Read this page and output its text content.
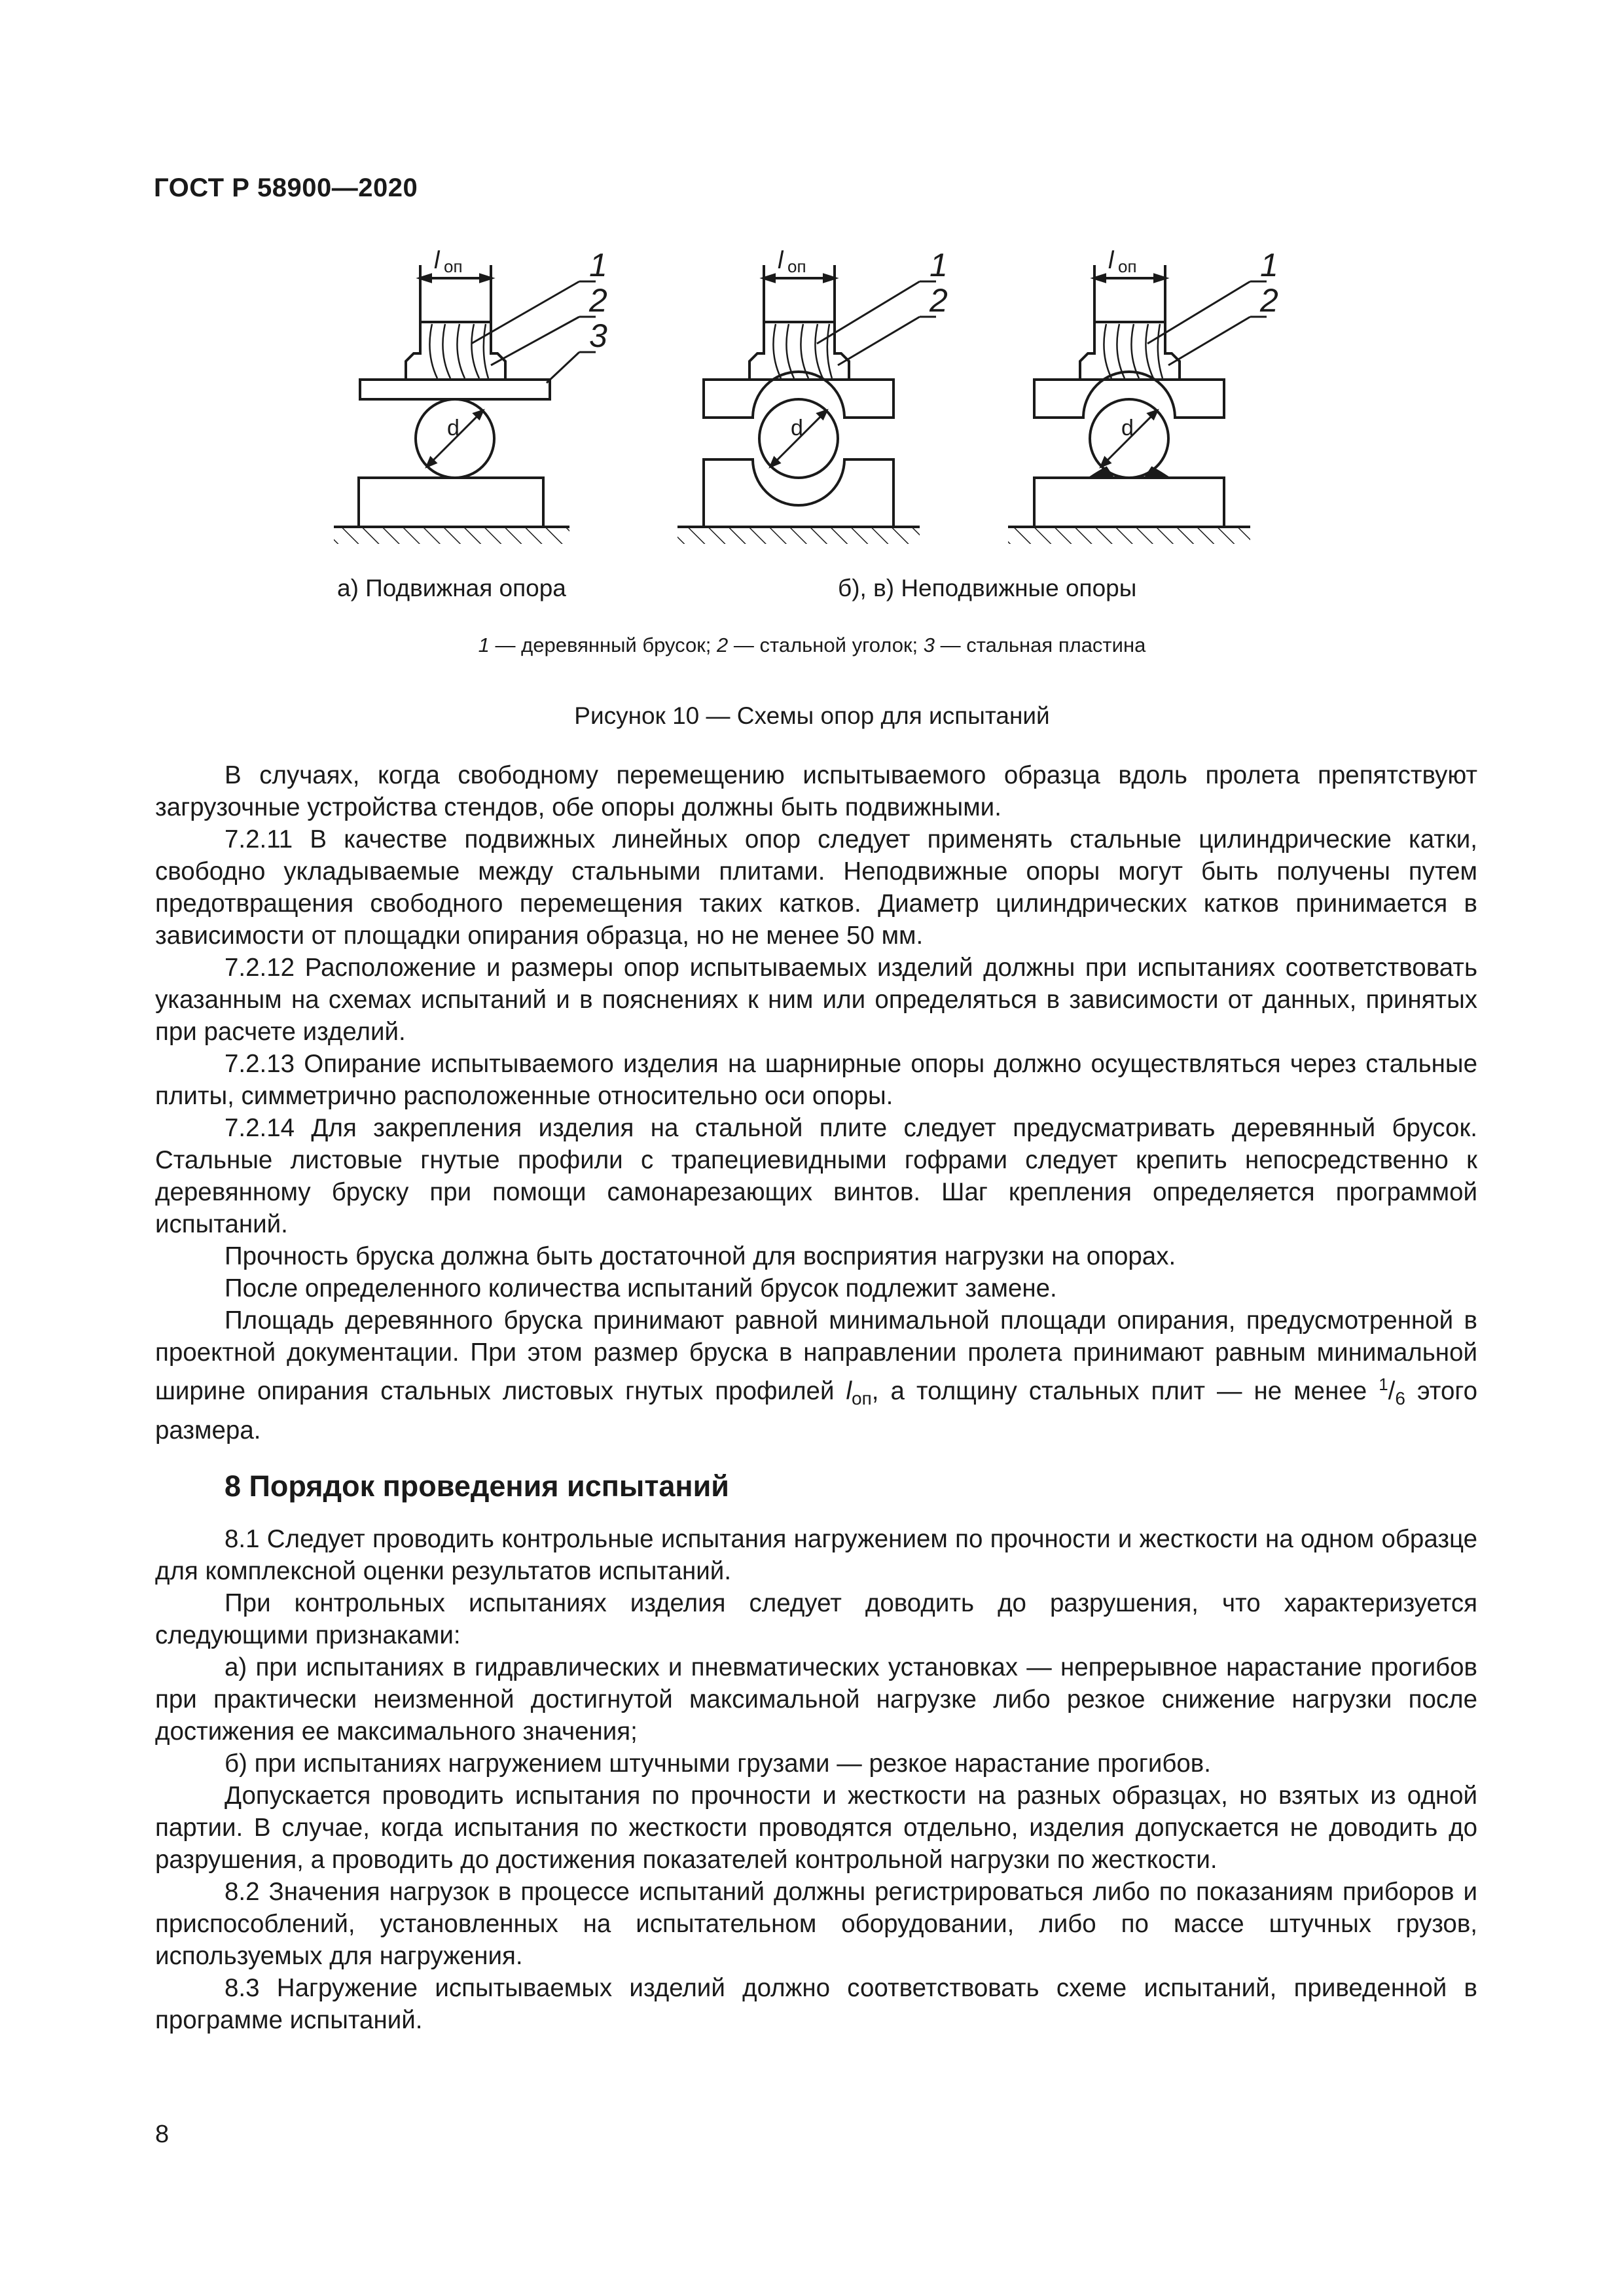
ГОСТ Р 58900—2020
l оп
d
1
2
3
l оп
d
1
2
l оп
d
1
2
а) Подвижная опора	б), в) Неподвижные опоры
1 — деревянный брусок; 2 — стальной уголок; 3 — стальная пластина
Рисунок 10 — Схемы опор для испытаний

В случаях, когда свободному перемещению испытываемого образца вдоль пролета препятствуют загрузочные устройства стендов, обе опоры должны быть подвижными.

7.2.11 В качестве подвижных линейных опор следует применять стальные цилиндрические катки, свободно укладываемые между стальными плитами. Неподвижные опоры могут быть получены путем предотвращения свободного перемещения таких катков. Диаметр цилиндрических катков принимается в зависимости от площадки опирания образца, но не менее 50 мм.

7.2.12 Расположение и размеры опор испытываемых изделий должны при испытаниях соответствовать указанным на схемах испытаний и в пояснениях к ним или определяться в зависимости от данных, принятых при расчете изделий.

7.2.13 Опирание испытываемого изделия на шарнирные опоры должно осуществляться через стальные плиты, симметрично расположенные относительно оси опоры.

7.2.14 Для закрепления изделия на стальной плите следует предусматривать деревянный брусок. Стальные листовые гнутые профили с трапециевидными гофрами следует крепить непосредственно к деревянному бруску при помощи самонарезающих винтов. Шаг крепления определяется программой испытаний.

Прочность бруска должна быть достаточной для восприятия нагрузки на опорах.

После определенного количества испытаний брусок подлежит замене.

Площадь деревянного бруска принимают равной минимальной площади опирания, предусмотренной в проектной документации. При этом размер бруска в направлении пролета принимают равным минимальной ширине опирания стальных листовых гнутых профилей $l_{оп}$, а толщину стальных плит — не менее $^1/_6$ этого размера.

8 Порядок проведения испытаний

8.1 Следует проводить контрольные испытания нагружением по прочности и жесткости на одном образце для комплексной оценки результатов испытаний.

При контрольных испытаниях изделия следует доводить до разрушения, что характеризуется следующими признаками:

а) при испытаниях в гидравлических и пневматических установках — непрерывное нарастание прогибов при практически неизменной достигнутой максимальной нагрузке либо резкое снижение нагрузки после достижения ее максимального значения;

б) при испытаниях нагружением штучными грузами — резкое нарастание прогибов.

Допускается проводить испытания по прочности и жесткости на разных образцах, но взятых из одной партии. В случае, когда испытания по жесткости проводятся отдельно, изделия допускается не доводить до разрушения, а проводить до достижения показателей контрольной нагрузки по жесткости.

8.2 Значения нагрузок в процессе испытаний должны регистрироваться либо по показаниям приборов и приспособлений, установленных на испытательном оборудовании, либо по массе штучных грузов, используемых для нагружения.

8.3 Нагружение испытываемых изделий должно соответствовать схеме испытаний, приведенной в программе испытаний.

8
